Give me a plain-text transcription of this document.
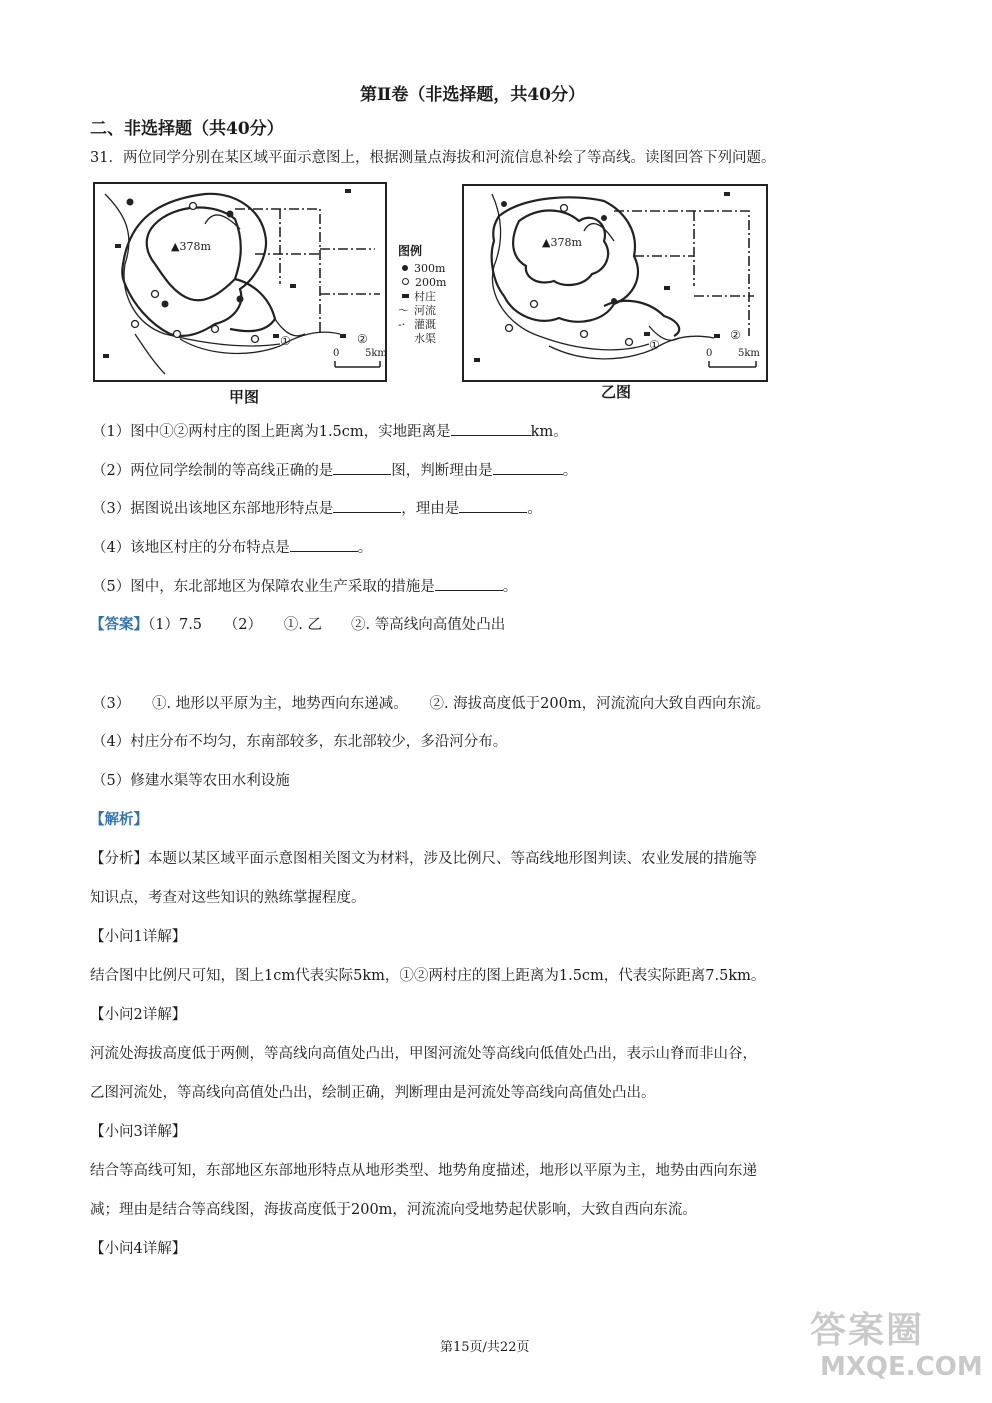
第Ⅱ卷（非选择题，共40分）
二、非选择题（共40分）
31．两位同学分别在某区域平面示意图上，根据测量点海拔和河流信息补绘了等高线。读图回答下列问题。
▲378m
①	②
0	5km
图例
300m
200m
村庄
～ 河流
-· 灌溉
水渠
▲378m
①
②
0	5km
甲图	乙图
（1）图中①②两村庄的图上距离为1.5cm，实地距离是	km。
（2）两位同学绘制的等高线正确的是	图，判断理由是	。
（3）据图说出该地区东部地形特点是	，理由是	。
（4）该地区村庄的分布特点是	。
（5）图中，东北部地区为保障农业生产采取的措施是	。
【答案】（1）7.5　　（2）　　①. 乙　　②. 等高线向高值处凸出
（3）　　①. 地形以平原为主，地势西向东递减。　　②. 海拔高度低于200m，河流流向大致自西向东流。
（4）村庄分布不均匀，东南部较多，东北部较少，多沿河分布。
（5）修建水渠等农田水利设施
【解析】
【分析】本题以某区域平面示意图相关图文为材料，涉及比例尺、等高线地形图判读、农业发展的措施等
知识点，考查对这些知识的熟练掌握程度。
【小问1详解】
结合图中比例尺可知，图上1cm代表实际5km，①②两村庄的图上距离为1.5cm，代表实际距离7.5km。
【小问2详解】
河流处海拔高度低于两侧，等高线向高值处凸出，甲图河流处等高线向低值处凸出，表示山脊而非山谷，
乙图河流处，等高线向高值处凸出，绘制正确，判断理由是河流处等高线向高值处凸出。
【小问3详解】
结合等高线可知，东部地区东部地形特点从地形类型、地势角度描述，地形以平原为主，地势由西向东递
减；理由是结合等高线图，海拔高度低于200m，河流流向受地势起伏影响，大致自西向东流。
【小问4详解】
第15页/共22页	答案圈
MXQE.COM
